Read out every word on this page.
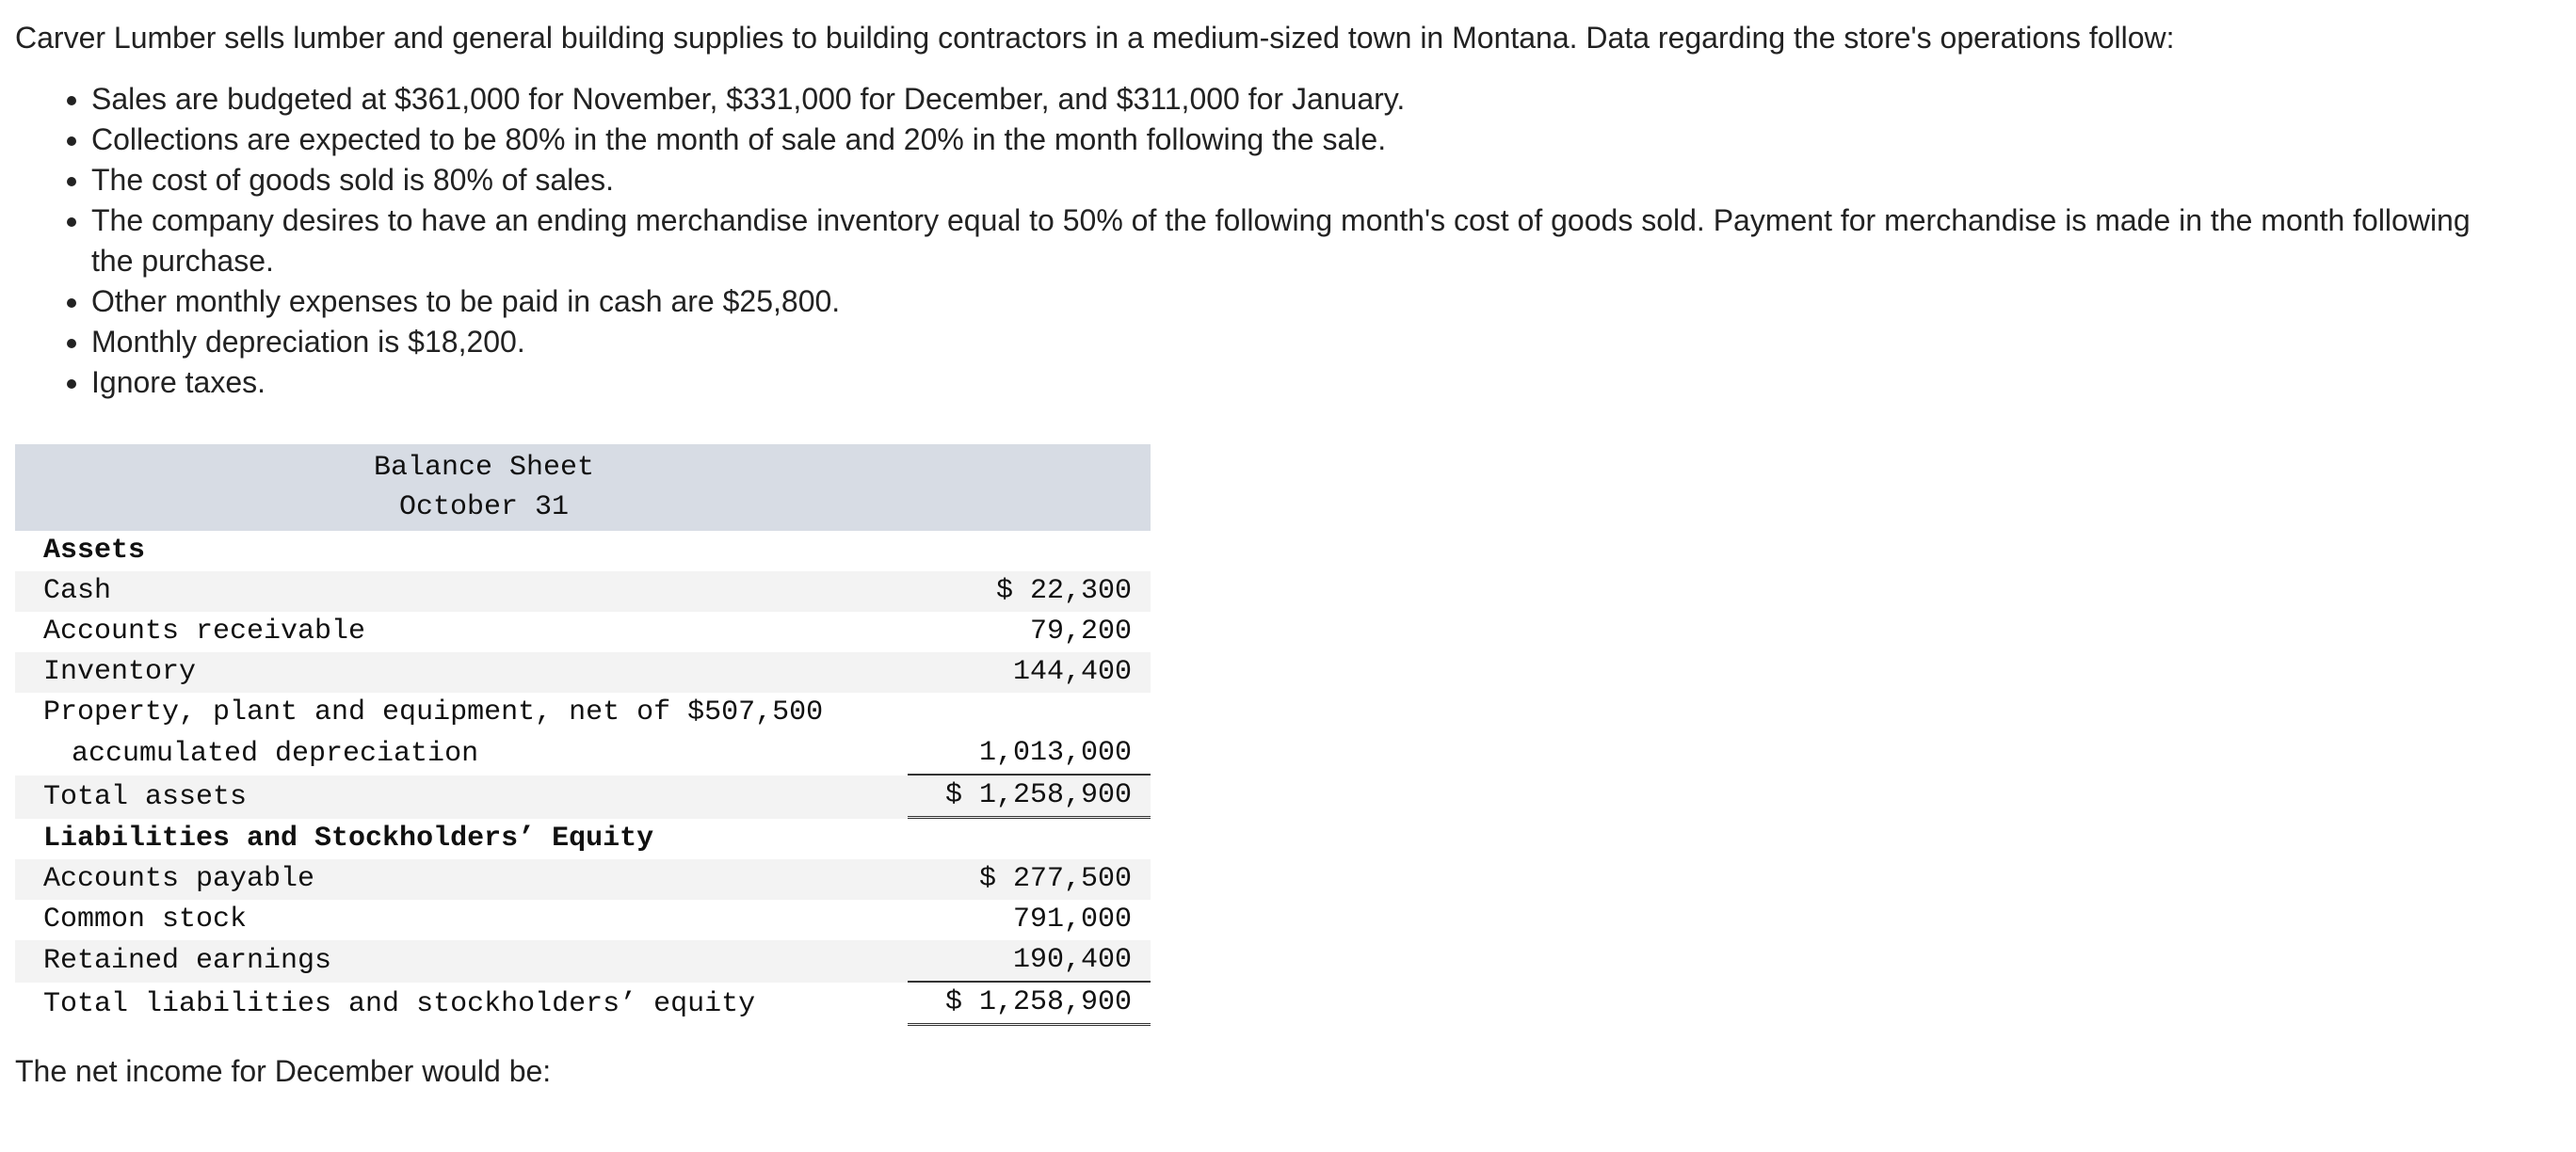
Carver Lumber sells lumber and general building supplies to building contractors in a medium-sized town in Montana. Data regarding the store's operations follow:

• Sales are budgeted at $361,000 for November, $331,000 for December, and $311,000 for January.
• Collections are expected to be 80% in the month of sale and 20% in the month following the sale.
• The cost of goods sold is 80% of sales.
• The company desires to have an ending merchandise inventory equal to 50% of the following month's cost of goods sold. Payment for merchandise is made in the month following the purchase.
• Other monthly expenses to be paid in cash are $25,800.
• Monthly depreciation is $18,200.
• Ignore taxes.
Balance Sheet
October 31
Assets	
Cash	$ 22,300

Accounts receivable	79,200

Inventory	144,400

Property, plant and equipment, net of $507,500	
accumulated depreciation	1,013,000

Total assets	$ 1,258,900

Liabilities and Stockholders’ Equity	
Accounts payable	$ 277,500

Common stock	791,000

Retained earnings	190,400

Total liabilities and stockholders’ equity	$ 1,258,900
The net income for December would be:
